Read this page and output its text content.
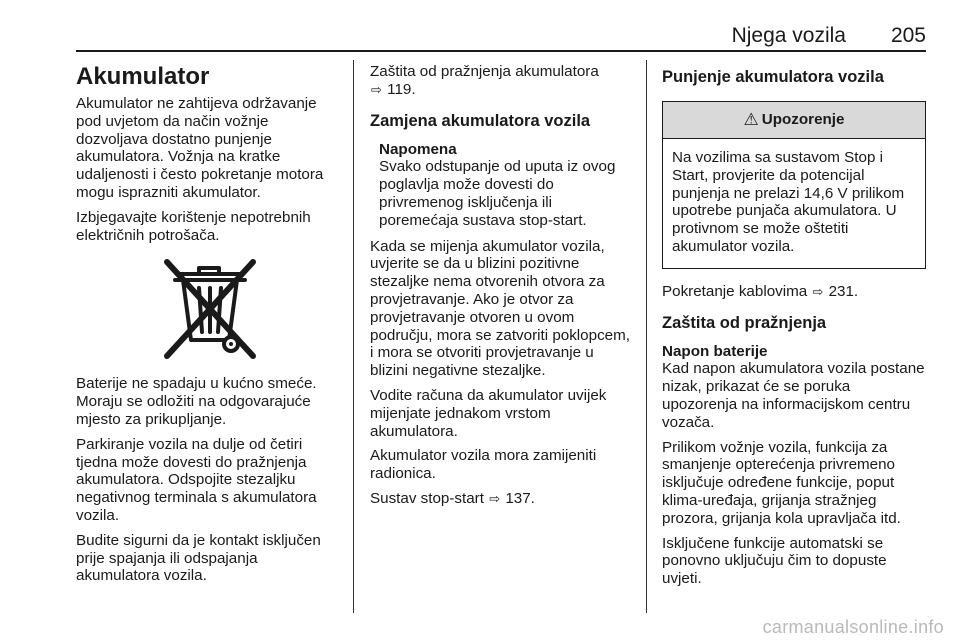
Njega vozila 205
Akumulator

Akumulator ne zahtijeva održavanje pod uvjetom da način vožnje dozvoljava dostatno punjenje akumulatora. Vožnja na kratke udaljenosti i često pokretanje motora mogu isprazniti akumulator.

Izbjegavajte korištenje nepotrebnih električnih potrošača.

Baterije ne spadaju u kućno smeće. Moraju se odložiti na odgovarajuće mjesto za prikupljanje.

Parkiranje vozila na dulje od četiri tjedna može dovesti do pražnjenja akumulatora. Odspojite stezaljku negativnog terminala s akumulatora vozila.

Budite sigurni da je kontakt isključen prije spajanja ili odspajanja akumulatora vozila.

Zaštita od pražnjenja akumulatora
⇨ 119.

Zamjena akumulatora vozila
Napomena
Svako odstupanje od uputa iz ovog poglavlja može dovesti do privremenog isključenja ili poremećaja sustava stop-start.

Kada se mijenja akumulator vozila, uvjerite se da u blizini pozitivne stezaljke nema otvorenih otvora za provjetravanje. Ako je otvor za provjetravanje otvoren u ovom području, mora se zatvoriti poklopcem, i mora se otvoriti provjetravanje u blizini negativne stezaljke.

Vodite računa da akumulator uvijek mijenjate jednakom vrstom akumulatora.

Akumulator vozila mora zamijeniti radionica.

Sustav stop-start ⇨ 137.

Punjenje akumulatora vozila
⚠ Upozorenje
Na vozilima sa sustavom Stop i Start, provjerite da potencijal punjenja ne prelazi 14,6 V prilikom upotrebe punjača akumulatora. U protivnom se može oštetiti akumulator vozila.

Pokretanje kablovima ⇨ 231.

Zaštita od pražnjenja
Napon baterije

Kad napon akumulatora vozila postane nizak, prikazat će se poruka upozorenja na informacijskom centru vozača.

Prilikom vožnje vozila, funkcija za smanjenje opterećenja privremeno isključuje određene funkcije, poput klima-uređaja, grijanja stražnjeg prozora, grijanja kola upravljača itd.

Isključene funkcije automatski se ponovno uključuju čim to dopuste uvjeti.

carmanualsonline.info
